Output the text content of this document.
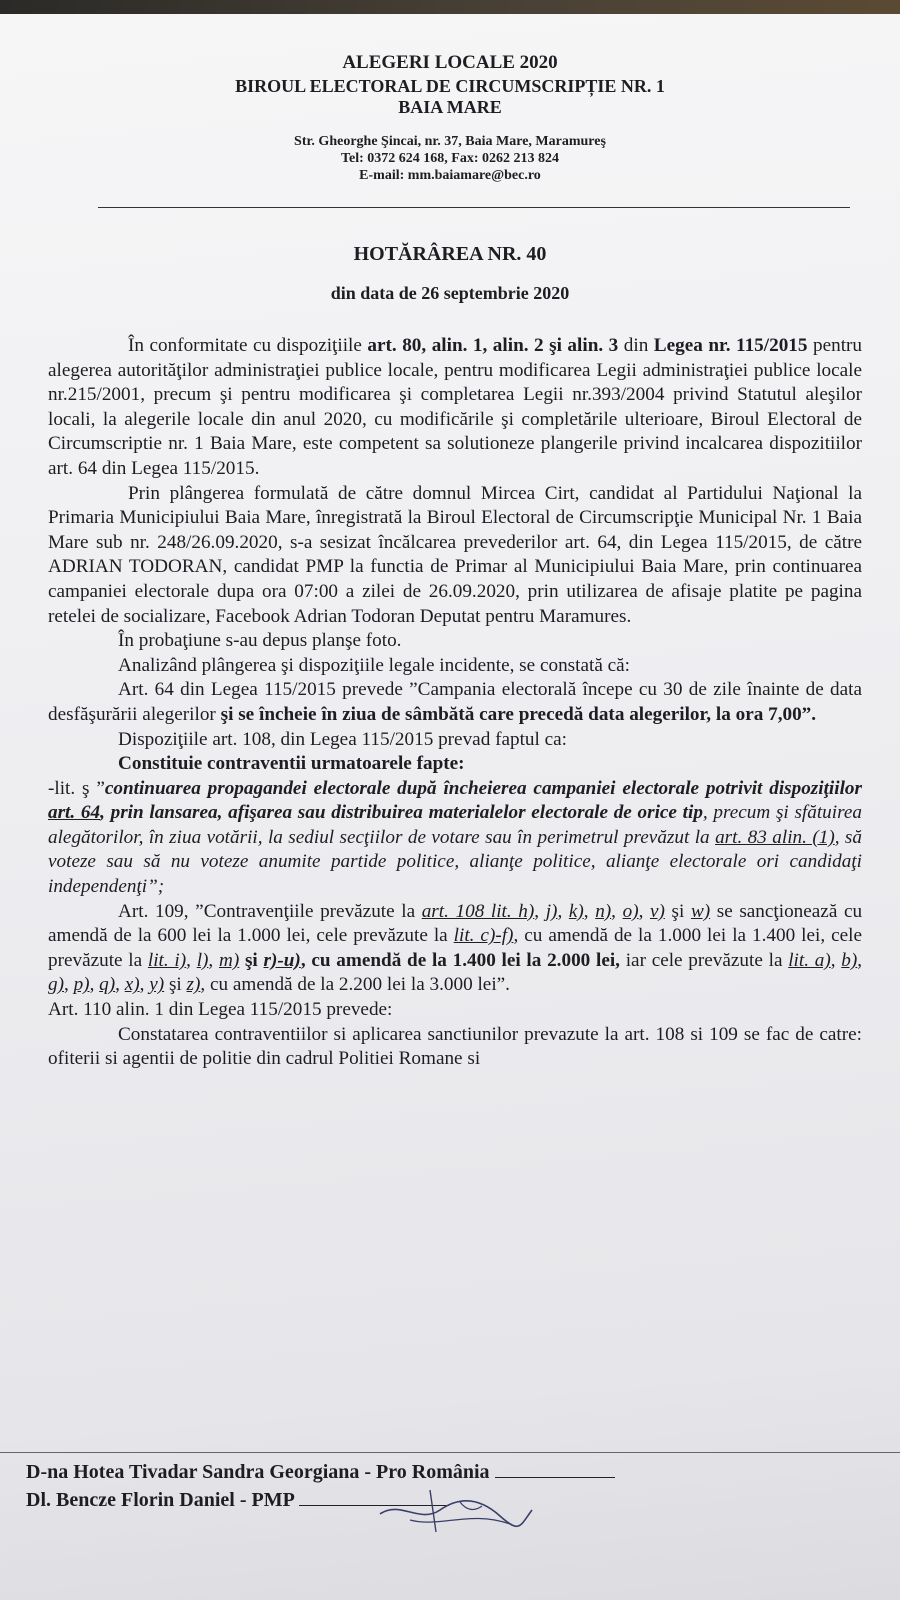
ALEGERI LOCALE 2020
BIROUL ELECTORAL DE CIRCUMSCRIPȚIE NR. 1
BAIA MARE
Str. Gheorghe Şincai, nr. 37, Baia Mare, Maramureş
Tel: 0372 624 168, Fax: 0262 213 824
E-mail: mm.baiamare@bec.ro
HOTĂRÂREA NR. 40
din data de 26 septembrie 2020

În conformitate cu dispoziţiile art. 80, alin. 1, alin. 2 şi alin. 3 din Legea nr. 115/2015 pentru alegerea autorităţilor administraţiei publice locale, pentru modificarea Legii administraţiei publice locale nr.215/2001, precum şi pentru modificarea şi completarea Legii nr.393/2004 privind Statutul aleşilor locali, la alegerile locale din anul 2020, cu modificările şi completările ulterioare, Biroul Electoral de Circumscriptie nr. 1 Baia Mare, este competent sa solutioneze plangerile privind incalcarea dispozitiilor art. 64 din Legea 115/2015.

Prin plângerea formulată de către domnul Mircea Cirt, candidat al Partidului Naţional la Primaria Municipiului Baia Mare, înregistrată la Biroul Electoral de Circumscripţie Municipal Nr. 1 Baia Mare sub nr. 248/26.09.2020, s-a sesizat încălcarea prevederilor art. 64, din Legea 115/2015, de către ADRIAN TODORAN, candidat PMP la functia de Primar al Municipiului Baia Mare, prin continuarea campaniei electorale dupa ora 07:00 a zilei de 26.09.2020, prin utilizarea de afisaje platite pe pagina retelei de socializare, Facebook Adrian Todoran Deputat pentru Maramures.

În probaţiune s-au depus planşe foto.

Analizând plângerea şi dispoziţiile legale incidente, se constată că:

Art. 64 din Legea 115/2015 prevede ”Campania electorală începe cu 30 de zile înainte de data desfăşurării alegerilor şi se încheie în ziua de sâmbătă care precedă data alegerilor, la ora 7,00”.

Dispoziţiile art. 108, din Legea 115/2015 prevad faptul ca:

Constituie contraventii urmatoarele fapte:

-lit. ş ”continuarea propagandei electorale după încheierea campaniei electorale potrivit dispoziţiilor art. 64, prin lansarea, afişarea sau distribuirea materialelor electorale de orice tip, precum şi sfătuirea alegătorilor, în ziua votării, la sediul secţiilor de votare sau în perimetrul prevăzut la art. 83 alin. (1), să voteze sau să nu voteze anumite partide politice, alianţe politice, alianţe electorale ori candidaţi independenţi”;

Art. 109, ”Contravenţiile prevăzute la art. 108 lit. h), j), k), n), o), v) şi w) se sancţionează cu amendă de la 600 lei la 1.000 lei, cele prevăzute la lit. c)-f), cu amendă de la 1.000 lei la 1.400 lei, cele prevăzute la lit. i), l), m) şi r)-u), cu amendă de la 1.400 lei la 2.000 lei, iar cele prevăzute la lit. a), b), g), p), q), x), y) şi z), cu amendă de la 2.200 lei la 3.000 lei”.

Art. 110 alin. 1 din Legea 115/2015 prevede:

Constatarea contraventiilor si aplicarea sanctiunilor prevazute la art. 108 si 109 se fac de catre: ofiterii si agentii de politie din cadrul Politiei Romane si

D-na Hotea Tivadar Sandra Georgiana - Pro România
Dl. Bencze Florin Daniel - PMP
